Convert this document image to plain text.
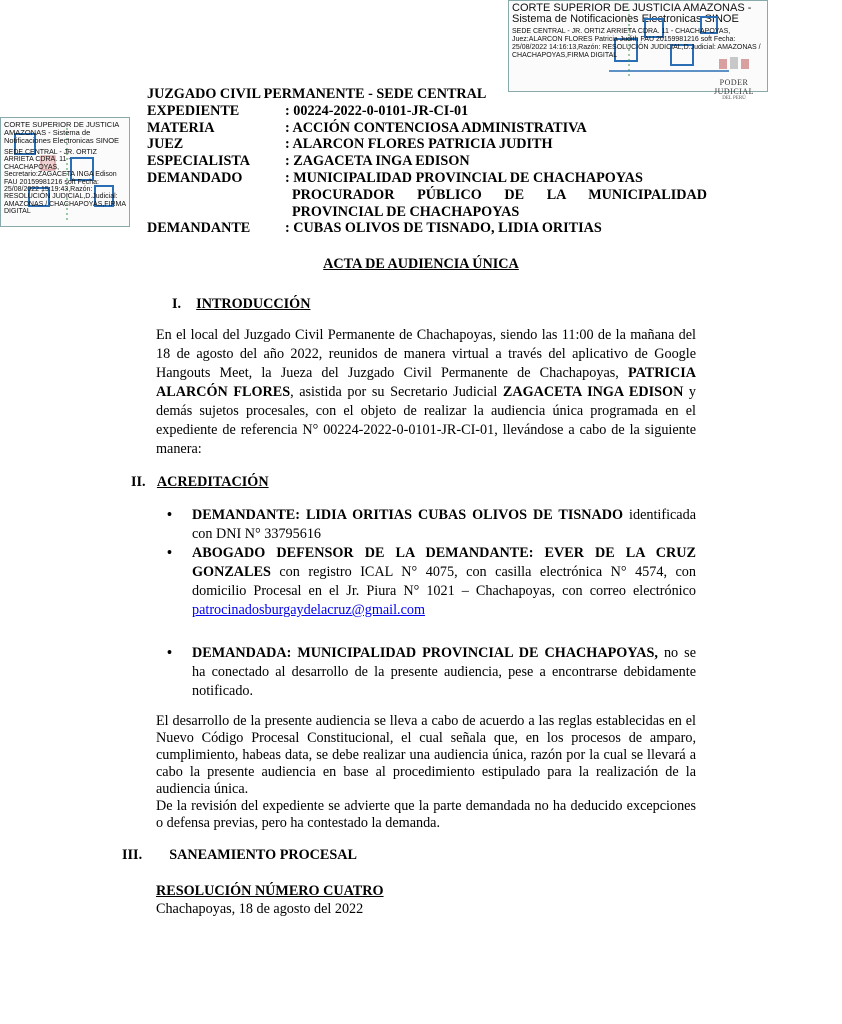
CORTE SUPERIOR DE JUSTICIA AMAZONAS -
Sistema de Notificaciones Electronicas SINOE
SEDE CENTRAL - JR. ORTIZ ARRIETA CDRA. 11 - CHACHAPOYAS, Juez:ALARCON FLORES Patricia Judith FAU 20159981216 soft Fecha: 25/08/2022 14:16:13,Razón: RESOLUCIÓN JUDICIAL,D.Judicial: AMAZONAS / CHACHAPOYAS,FIRMA DIGITAL
PODER JUDICIAL
DEL PERÚ
CORTE SUPERIOR DE JUSTICIA AMAZONAS - Sistema de Notificaciones Electronicas SINOE
SEDE CENTRAL - JR. ORTIZ ARRIETA CDRA. 11 - CHACHAPOYAS, Secretario:ZAGACETA INGA Edison FAU 20159981216 soft Fecha: 25/08/2022 15:19:43,Razón: RESOLUCIÓN JUDICIAL,D.Judicial: AMAZONAS / CHACHAPOYAS,FIRMA DIGITAL
JUZGADO CIVIL PERMANENTE - SEDE CENTRAL
EXPEDIENTE	: 00224-2022-0-0101-JR-CI-01
MATERIA	: ACCIÓN CONTENCIOSA ADMINISTRATIVA
JUEZ	: ALARCON FLORES PATRICIA JUDITH
ESPECIALISTA	: ZAGACETA INGA EDISON
DEMANDADO	: MUNICIPALIDAD PROVINCIAL DE CHACHAPOYAS
PROCURADOR PÚBLICO DE LA MUNICIPALIDAD PROVINCIAL DE CHACHAPOYAS
DEMANDANTE	: CUBAS OLIVOS DE TISNADO, LIDIA ORITIAS
ACTA DE AUDIENCIA ÚNICA
I. INTRODUCCIÓN
En el local del Juzgado Civil Permanente de Chachapoyas, siendo las 11:00 de la mañana del 18 de agosto del año 2022, reunidos de manera virtual a través del aplicativo de Google Hangouts Meet, la Jueza del Juzgado Civil Permanente de Chachapoyas, PATRICIA ALARCÓN FLORES, asistida por su Secretario Judicial ZAGACETA INGA EDISON y demás sujetos procesales, con el objeto de realizar la audiencia única programada en el expediente de referencia N° 00224-2022-0-0101-JR-CI-01, llevándose a cabo de la siguiente manera:
II. ACREDITACIÓN
•	DEMANDANTE: LIDIA ORITIAS CUBAS OLIVOS DE TISNADO identificada con DNI N° 33795616
•	ABOGADO DEFENSOR DE LA DEMANDANTE: EVER DE LA CRUZ GONZALES con registro ICAL N° 4075, con casilla electrónica N° 4574, con domicilio Procesal en el Jr. Piura N° 1021 – Chachapoyas, con correo electrónico patrocinadosburgaydelacruz@gmail.com
•	DEMANDADA: MUNICIPALIDAD PROVINCIAL DE CHACHAPOYAS, no se ha conectado al desarrollo de la presente audiencia, pese a encontrarse debidamente notificado.
El desarrollo de la presente audiencia se lleva a cabo de acuerdo a las reglas establecidas en el Nuevo Código Procesal Constitucional, el cual señala que, en los procesos de amparo, cumplimiento, habeas data, se debe realizar una audiencia única, razón por la cual se llevará a cabo la presente audiencia en base al procedimiento estipulado para la realización de la audiencia única.
De la revisión del expediente se advierte que la parte demandada no ha deducido excepciones o defensa previas, pero ha contestado la demanda.
III. SANEAMIENTO PROCESAL
RESOLUCIÓN NÚMERO CUATRO
Chachapoyas, 18 de agosto del 2022
